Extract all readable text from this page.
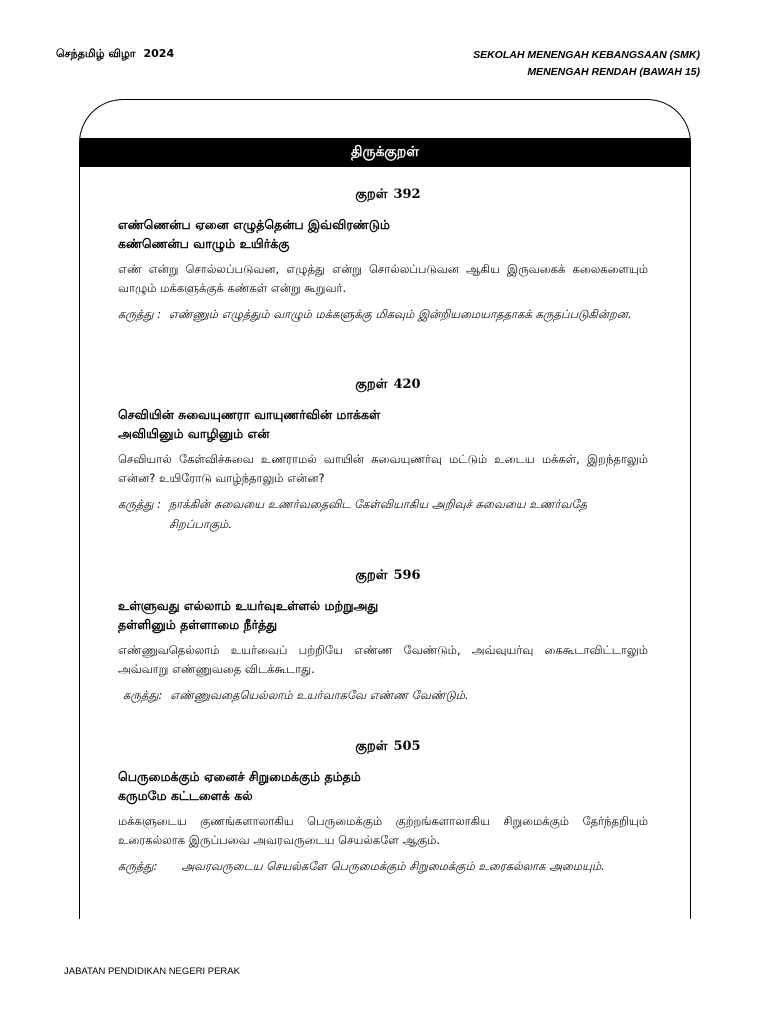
செந்தமிழ் விழா 2024	SEKOLAH MENENGAH KEBANGSAAN (SMK)
MENENGAH RENDAH (BAWAH 15)
திருக்குறள்
குறள் 392
எண்ணென்ப ஏனை எழுத்தென்ப இவ்விரண்டும்
கண்ணென்ப வாழும் உயிர்க்கு
எண் என்று சொல்லப்படுவன, எழுத்து என்று சொல்லப்படுவன ஆகிய இருவகைக் கலைகளையும் வாழும் மக்களுக்குக் கண்கள் என்று கூறுவர்.
கருத்து : எண்ணும் எழுத்தும் வாழும் மக்களுக்கு மிகவும் இன்றியமையாததாகக் கருதப்படுகின்றன.
குறள் 420
செவியின் சுவையுணரா வாயுணர்வின் மாக்கள்
அவியினும் வாழினும் என்
செவியால் கேள்விச்சுவை உணராமல் வாயின் சுவையுணர்வு மட்டும் உடைய மக்கள், இறந்தாலும் என்ன? உயிரோடு வாழ்ந்தாலும் என்ன?
கருத்து : நாக்கின் சுவையை உணர்வதைவிட கேள்வியாகிய அறிவுச் சுவையை உணர்வதே சிறப்பாகும்.
குறள் 596
உள்ளுவது எல்லாம் உயர்வுஉள்ளல் மற்றுஅது
தள்ளினும் தள்ளாமை நீர்த்து
எண்ணுவதெல்லாம் உயர்வைப் பற்றியே எண்ண வேண்டும், அவ்வுயர்வு கைகூடாவிட்டாலும் அவ்வாறு எண்ணுவதை விடக்கூடாது.
கருத்து: எண்ணுவதையெல்லாம் உயர்வாகவே எண்ண வேண்டும்.
குறள் 505
பெருமைக்கும் ஏனைச் சிறுமைக்கும் தம்தம்
கருமமே கட்டளைக் கல்
மக்களுடைய குணங்களாலாகிய பெருமைக்கும் குற்றங்களாலாகிய சிறுமைக்கும் தேர்ந்தறியும் உரைகல்லாக இருப்பவை அவரவருடைய செயல்களே ஆகும்.
கருத்து:	அவரவருடைய செயல்களே பெருமைக்கும் சிறுமைக்கும் உரைகல்லாக அமையும்.
JABATAN PENDIDIKAN NEGERI PERAK
